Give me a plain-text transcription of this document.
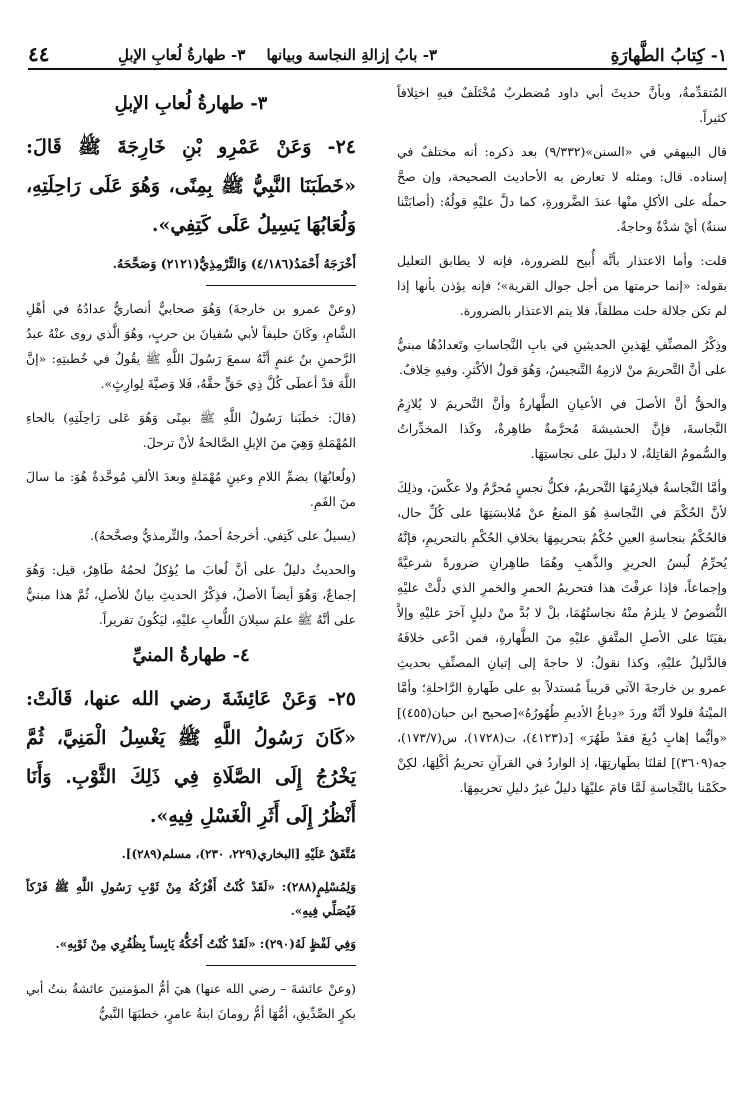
١- كِتابُ الطَّهارَةِ
٣- بابُ إزالةِ النجاسة وبيانها
٣- طهارةُ لُعابِ الإبلِ
٤٤

المُتقدِّمةُ، وبأنَّ حديثَ أبي داود مُضطربٌ مُخْتَلَفٌ فيهِ اختِلافاً كثيراً.

قال البيهقي في «السنن»(٩/٣٣٢) بعد ذكره: أنه مختلفٌ في إسناده. قال: ومثله لا تعارض به الأحاديث الصحيحة، وإن صحَّ حملُه على الأكلِ منْها عندَ الضَّرورةِ، كما دلَّ عليْهِ قولُهُ: (أصابَتْنا سنةٌ) أيْ شدَّةٌ وحاجةٌ.

قلت: وأما الاعتذار بأنَّه أُبيح للضرورة، فإنه لا يطابق التعليل بقوله: «إنما حرمتها من أجل جوال القرية»؛ فإنه يؤذن بأنها إذا لم تكن جلالة حلت مطلقاً، فلا يتم الاعتذار بالضرورة.

وذِكْرُ المصنِّفِ لِهَذينِ الحديثينِ في بابِ النَّجاساتِ وتَعدادُهُا مبنيٌّ على أنَّ التَّحريمَ منْ لازمِهُ التَّنجيسُ، وَهُوَ قولُ الأكْثرِ. وفيهِ خِلافٌ.

والحقُّ أنَّ الأصلَ في الأعيانِ الطَّهارةُ وأنَّ التَّحريمَ لا يُلازِمُ النَّجاسةَ، فإنَّ الحشيشةَ مُحرَّمةٌ طاهِرةٌ، وكَذا المخدِّراتُ والسُّمومُ القاتِلةُ، لا دليلَ على نجاستِهَا.

وأمَّا النَّجاسةُ فيلازِمُهَا التَّحريمُ، فكلُّ نجسٍ مُحرَّمٌ ولا عكْسَ، وذلِكَ لأنَّ الحُكْمَ في النَّجاسةِ هُوَ المنعُ عنْ مُلابسَتِهَا على كُلِّ حال، فالحُكْمُ بنجاسةِ العينِ حُكْمٌ بتحريمِهَا بخلافِ الحُكْمِ بالتحريمِ، فإنَّهُ يُحرِّمُ لُبسُ الحريرِ والذَّهبِ وهُمَا طاهِرانِ ضرورةً شرعيَّةً وإجماعاً، فإذا عرفْتَ هذا فتحريمُ الحمرِ والخمرِ الذي دلَّتْ عليْهِ النُّصوصُ لا يلزمُ منْهُ نجاستُهُمَا، بلْ لا بُدَّ منْ دليلٍ آخرَ عليْهِ وإلاَّ بقيَتَا على الأصلِ المتَّفقِ عليْهِ منَ الطَّهارةِ، فمن ادَّعى خلافَهُ فالدَّليلُ عليْهِ، وكذا نقولُ: لا حاجةَ إلى إتيانِ المصنِّفِ بحديثِ عمرو بن خارجةَ الآتي قريباً مُستدلاً بهِ على طَهارةِ الرَّاحلةِ؛ وأمَّا الميْتةُ فلولا أنَّهُ وردَ «دِباغُ الأديمِ طُهُورُهُ»[صحيح ابن حبان(٤٥٥)] «وأيُّما إهابٍ دُبِغَ فقدْ طَهُرَ» [د(٤١٢٣)، ت(١٧٢٨)، س(١٧٣/٧)، جه(٣٦٠٩)] لقلنَا بطَهارتِهَا، إذ الواردُ في القرآنِ تحريمُ أكْلِهَا، لكِنْ حكَمْنا بالنَّجاسةِ لَمَّا قامَ عليْهَا دليلٌ غيرُ دليلِ تحريمِهَا.

٣- طهارةُ لُعابِ الإبلِ

٢٤- وَعَنْ عَمْرِو بْنِ خَارِجَةَ ﷺ قَالَ: «خَطَبَنَا النَّبِيُّ ﷺ بِمِنًى، وَهُوَ عَلَى رَاحِلَتِهِ، وَلُعَابُهَا يَسِيلُ عَلَى كَتِفِي».

أَخْرَجَهُ أَحْمَدُ(٤/١٨٦) وَالتِّرْمِذِيُّ(٢١٢١) وَصَحَّحَهُ.

(وعنْ عمرو بن خارجةَ) وَهُوَ صحابيٌّ أنصاريٌّ عدادُهُ في أهْلِ الشَّامِ، وكَانَ حليفاً لأبي سُفيانَ بن حربٍ، وهُوَ الَّذي روى عنْهُ عبدُ الرَّحمنِ بنُ غنمٍ أنَّهُ سمعَ رَسُولَ اللَّهِ ﷺ يقُولُ في خُطبتِهِ: «إنَّ اللَّهَ قدْ أعطَى كُلَّ ذِي حَقٍّ حقَّهُ، فَلا وَصيَّةَ لِوارِثٍ».

(قالَ: خطَبَنا رَسُولُ اللَّهِ ﷺ بمِنًى وَهُوَ عَلى رَاحِلَتِهِ) بالحاءِ المُهْمَلةِ وَهِيَ منَ الإبلِ الصَّالحةُ لأنْ ترحلَ.

(ولُعابُهَا) بضمِّ اللامِ وعينٍ مُهْمَلةٍ وبعدَ الألفِ مُوحَّدةٌ هُوَ: ما سالَ منَ الفَمِ.

(يسيلُ على كَتِفي. أخرجهُ أحمدُ، والتِّرمذيُّ وصحَّحهُ).

والحديثُ دليلٌ على أنَّ لُعابَ ما يُؤكلُ لحمُهُ طَاهِرٌ، قيل: وَهُوَ إجماعٌ، وَهُوَ أيضاً الأصلُ، فذِكْرُ الحديثِ بيانٌ للأصلِ، ثُمَّ هذا مبنيٌّ على أنَّهُ ﷺ علمَ سيلانَ اللُّعابِ عليْهِ، ليَكُونَ تقريراً.

٤- طهارةُ المنيِّ

٢٥- وَعَنْ عَائِشَةَ رضي الله عنها، قَالَتْ: «كَانَ رَسُولُ اللَّهِ ﷺ يَغْسِلُ الْمَنِيَّ، ثُمَّ يَخْرُجُ إِلَى الصَّلَاةِ فِي ذَلِكَ الثَّوْبِ. وَأَنَا أَنْظُرُ إِلَى أَثَرِ الْغَسْلِ فِيهِ».

مُتَّفَقٌ عَلَيْهِ [البخاري(٢٢٩، ٢٣٠)، مسلم(٢٨٩)].

وَلِمُسْلِمٍ(٢٨٨): «لَقَدْ كُنْتُ أَفْرُكُهُ مِنْ ثَوْبِ رَسُولِ اللَّهِ ﷺ فَرْكاً فَيُصَلِّي فِيهِ».

وَفِي لَفْظٍ لَهُ(٢٩٠): «لَقَدْ كُنْتُ أَحُكُّهُ يَابِساً بِظُفُرِي مِنْ ثَوْبِهِ».

(وعنْ عائشةَ – رضي الله عنها) هيَ أمُّ المؤمنينَ عائشةُ بنتُ أبي بكرٍ الصِّدِّيقِ، أمُّهَا أمُّ رومانَ ابنةُ عامرٍ، خطبَهَا النَّبيُّ
